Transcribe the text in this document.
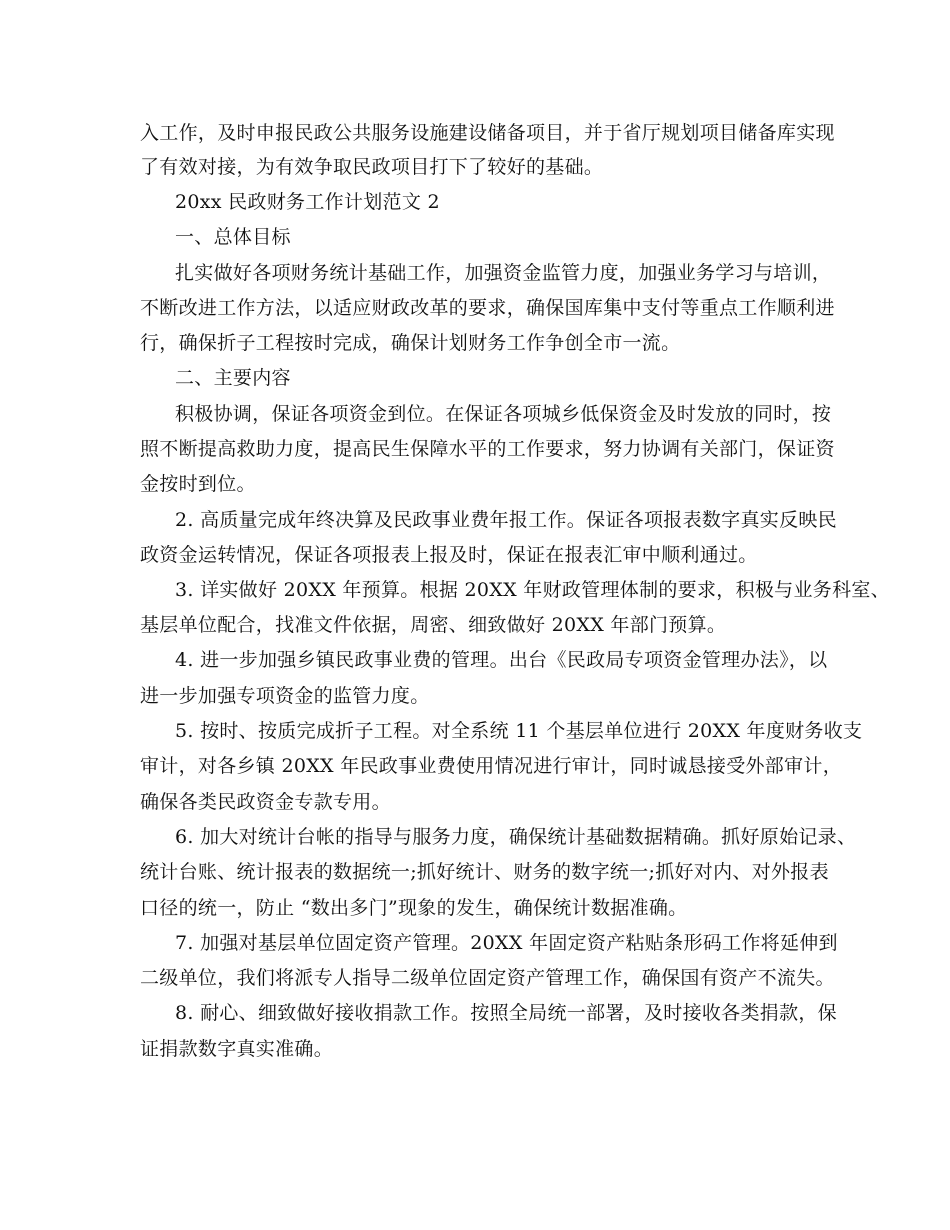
入工作，及时申报民政公共服务设施建设储备项目，并于省厅规划项目储备库实现
了有效对接，为有效争取民政项目打下了较好的基础。
20xx 民政财务工作计划范文 2
一、总体目标
扎实做好各项财务统计基础工作，加强资金监管力度，加强业务学习与培训，
不断改进工作方法，以适应财政改革的要求，确保国库集中支付等重点工作顺利进
行，确保折子工程按时完成，确保计划财务工作争创全市一流。
二、主要内容
积极协调，保证各项资金到位。在保证各项城乡低保资金及时发放的同时，按
照不断提高救助力度，提高民生保障水平的工作要求，努力协调有关部门，保证资
金按时到位。
2. 高质量完成年终决算及民政事业费年报工作。保证各项报表数字真实反映民
政资金运转情况，保证各项报表上报及时，保证在报表汇审中顺利通过。
3. 详实做好 20XX 年预算。根据 20XX 年财政管理体制的要求，积极与业务科室、
基层单位配合，找准文件依据，周密、细致做好 20XX 年部门预算。
4. 进一步加强乡镇民政事业费的管理。出台《民政局专项资金管理办法》，以
进一步加强专项资金的监管力度。
5. 按时、按质完成折子工程。对全系统 11 个基层单位进行 20XX 年度财务收支
审计，对各乡镇 20XX 年民政事业费使用情况进行审计，同时诚恳接受外部审计，
确保各类民政资金专款专用。
6. 加大对统计台帐的指导与服务力度，确保统计基础数据精确。抓好原始记录、
统计台账、统计报表的数据统一;抓好统计、财务的数字统一;抓好对内、对外报表
口径的统一，防止 “数出多门”现象的发生，确保统计数据准确。
7. 加强对基层单位固定资产管理。20XX 年固定资产粘贴条形码工作将延伸到
二级单位，我们将派专人指导二级单位固定资产管理工作，确保国有资产不流失。
8. 耐心、细致做好接收捐款工作。按照全局统一部署，及时接收各类捐款，保
证捐款数字真实准确。
